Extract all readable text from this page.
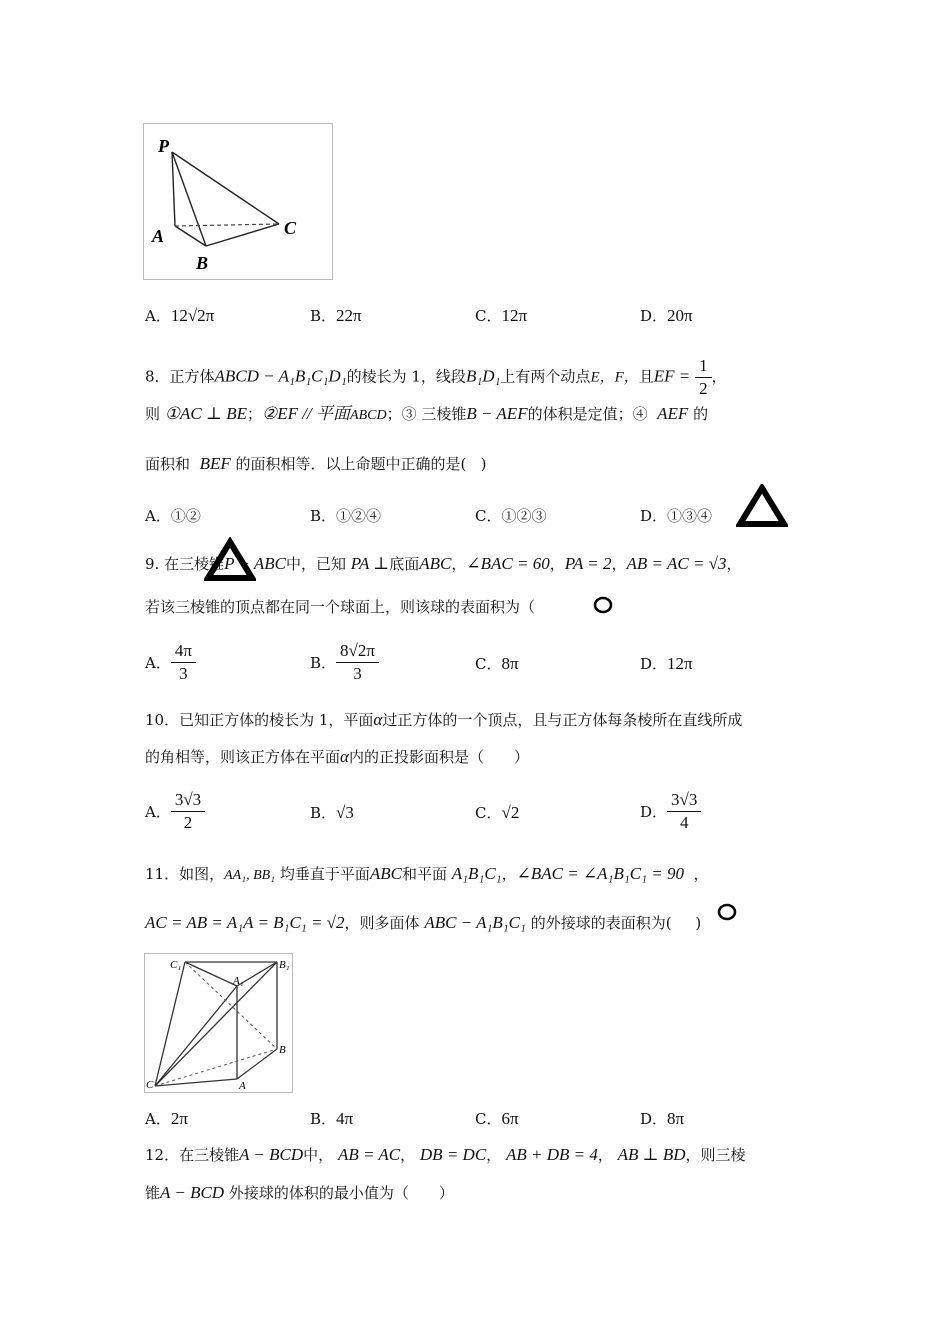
P
A
B
C
A．12√2π	B．22π	C．12π	D．20π
8．正方体ABCD − A₁B₁C₁D₁的棱长为 1，线段B₁D₁上有两个动点E，F，且EF = $\frac{1}{2}$ ，
则 ①AC ⊥ BE；②EF // 平面ABCD；③ 三棱锥B − AEF的体积是定值；④ AEF 的
面积和 BEF 的面积相等．以上命题中正确的是( )
A．①②	B．①②④	C．①②③	D．①③④
9. 在三棱锥P − ABC中，已知 PA ⊥底面ABC，∠BAC = 60，PA = 2，AB = AC = √3，
若该三棱锥的顶点都在同一个球面上，则该球的表面积为（
A． $\frac{4\pi}{3}$	B． $\frac{8√2\pi}{3}$	C．8π	D．12π
10．已知正方体的棱长为 1，平面α过正方体的一个顶点，且与正方体每条棱所在直线所成
的角相等，则该正方体在平面α内的正投影面积是（　　）
A． $\frac{3√3}{2}$	B．√3	C．√2	D． $\frac{3√3}{4}$
11．如图，AA₁, BB₁ 均垂直于平面ABC和平面 A₁B₁C₁，∠BAC = ∠A₁B₁C₁ = 90 ，
AC = AB = A₁A = B₁C₁ = √2，则多面体 ABC − A₁B₁C₁ 的外接球的表面积为( )
C₁
A₁
B₁
B
C	A
A．2π	B．4π	C．6π	D．8π
12．在三棱锥A − BCD中， AB = AC， DB = DC， AB + DB = 4， AB ⊥ BD，则三棱
锥A − BCD 外接球的体积的最小值为（　　）
